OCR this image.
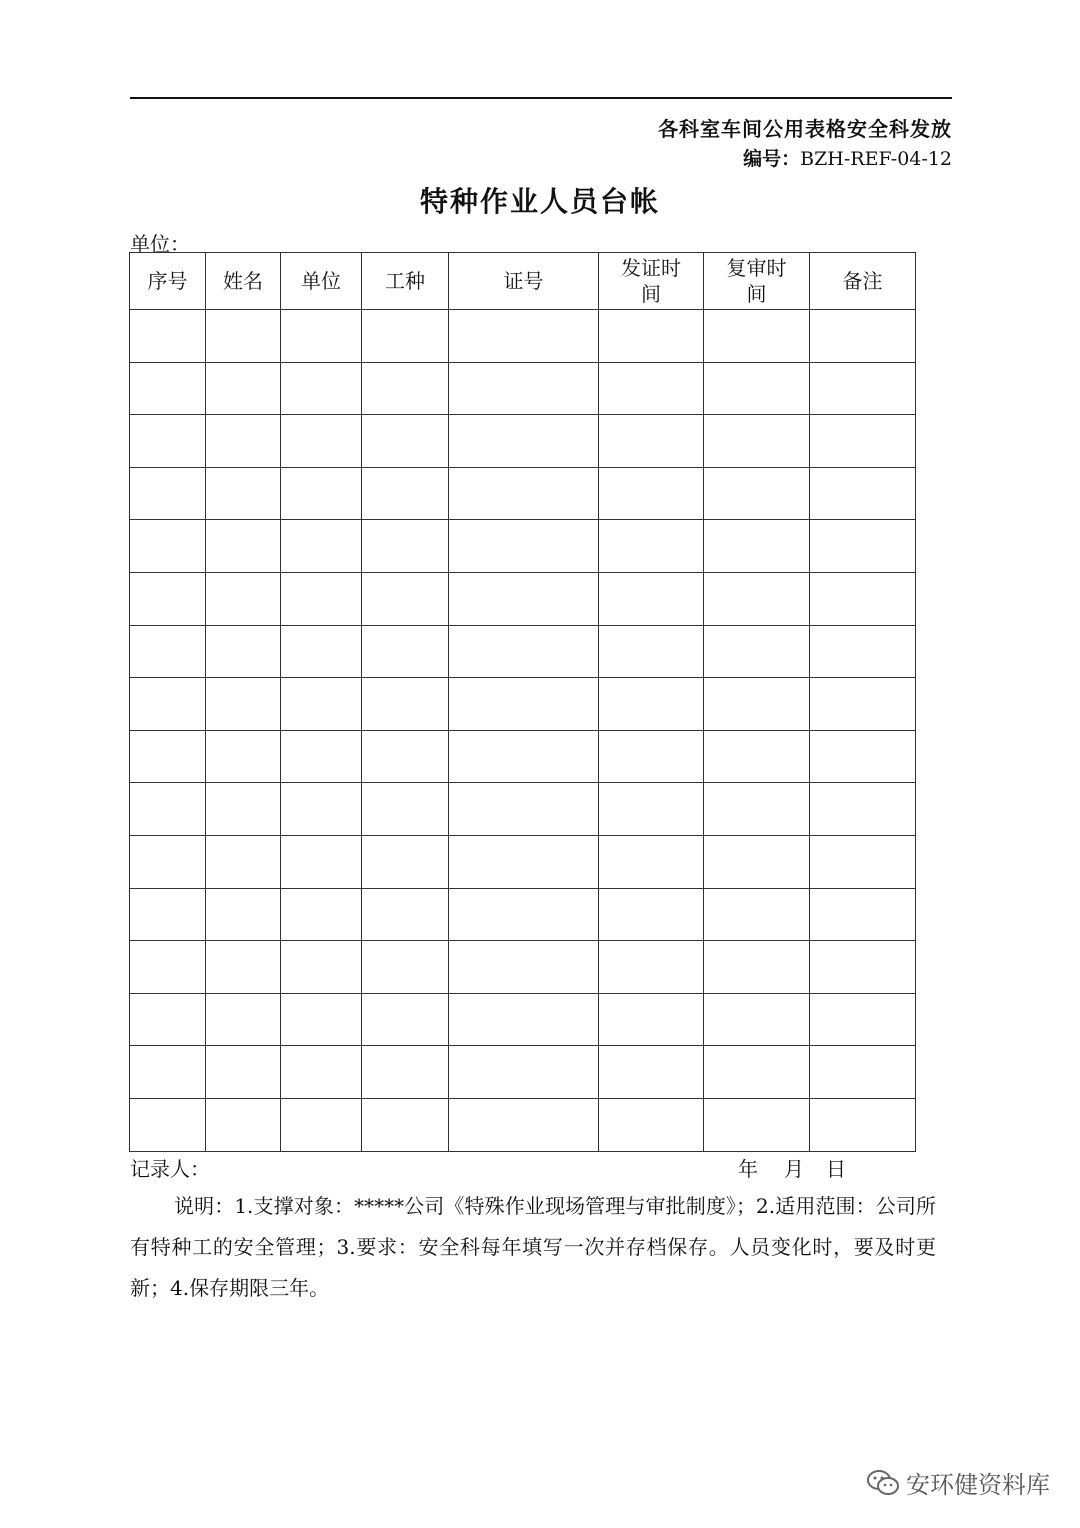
各科室车间公用表格安全科发放
编号：BZH-REF-04-12
特种作业人员台帐
单位：
序号	姓名	单位	工种	证号	发证时间	复审时间	备注

记录人：	年 月 日
说明：1.支撑对象：*****公司《特殊作业现场管理与审批制度》；2.适用范围：公司所有特种工的安全管理；3.要求：安全科每年填写一次并存档保存。人员变化时，要及时更新；4.保存期限三年。
安环健资料库
